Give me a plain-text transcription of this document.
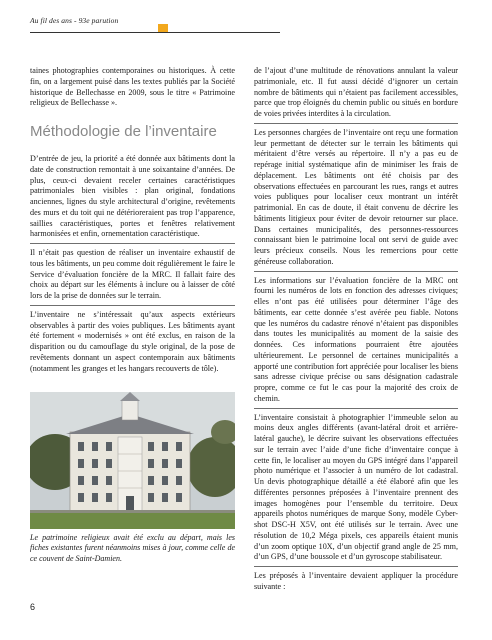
Au fil des ans - 93e parution

taines photographies contemporaines ou historiques. À cette fin, on a largement puisé dans les textes publiés par la Société historique de Bellechasse en 2009, sous le titre « Patrimoine religieux de Bellechasse ».

Méthodologie de l’inventaire

D’entrée de jeu, la priorité a été donnée aux bâtiments dont la date de construction remontait à une soixantaine d’années. De plus, ceux-ci devaient receler certaines caractéristiques patrimoniales bien visibles : plan original, fondations anciennes, lignes du style architectural d’origine, revêtements des murs et du toit qui ne détérioreraient pas trop l’apparence, saillies caractéristiques, portes et fenêtres relativement harmonisées et enfin, ornementation caractéristique.

Il n’était pas question de réaliser un inventaire exhaustif de tous les bâtiments, un peu comme doit régulièrement le faire le Service d’évaluation foncière de la MRC. Il fallait faire des choix au départ sur les éléments à inclure ou à laisser de côté lors de la prise de données sur le terrain.

L’inventaire ne s’intéressait qu’aux aspects extérieurs observables à partir des voies publiques. Les bâtiments ayant été fortement « modernisés » ont été exclus, en raison de la disparition ou du camouflage du style original, de la pose de revêtements donnant un aspect contemporain aux bâtiments (notamment les granges et les hangars recouverts de tôle).

Le patrimoine religieux avait été exclu au départ, mais les fiches existantes furent néanmoins mises à jour, comme celle de ce couvent de Saint-Damien.
6

de l’ajout d’une multitude de rénovations annulant la valeur patrimoniale, etc. Il fut aussi décidé d’ignorer un certain nombre de bâtiments qui n’étaient pas facilement accessibles, parce que trop éloignés du chemin public ou situés en bordure de voies privées interdites à la circulation.

Les personnes chargées de l’inventaire ont reçu une formation leur permettant de détecter sur le terrain les bâtiments qui méritaient d’être versés au répertoire. Il n’y a pas eu de repérage initial systématique afin de minimiser les frais de déplacement. Les bâtiments ont été choisis par des observations effectuées en parcourant les rues, rangs et autres voies publiques pour localiser ceux montrant un intérêt patrimonial. En cas de doute, il était convenu de décrire les bâtiments litigieux pour éviter de devoir retourner sur place. Dans certaines municipalités, des personnes-ressources connaissant bien le patrimoine local ont servi de guide avec leurs précieux conseils. Nous les remercions pour cette généreuse collaboration.

Les informations sur l’évaluation foncière de la MRC ont fourni les numéros de lots en fonction des adresses civiques; elles n’ont pas été utilisées pour déterminer l’âge des bâtiments, ear cette donnée s’est avérée peu fiable. Notons que les numéros du cadastre rénové n’étaient pas disponibles dans toutes les municipalités au moment de la saisie des données. Ces informations pourraient être ajoutées ultérieurement. Le personnel de certaines municipalités a apporté une contribution fort appréciée pour localiser les biens sans adresse civique précise ou sans désignation cadastrale propre, comme ce fut le cas pour la majorité des croix de chemin.

L’inventaire consistait à photographier l’immeuble selon au moins deux angles différents (avant-latéral droit et arrière-latéral gauche), le décrire suivant les observations effectuées sur le terrain avec l’aide d’une fiche d’inventaire conçue à cette fin, le localiser au moyen du GPS intégré dans l’appareil photo numérique et l’associer à un numéro de lot cadastral. Un devis photographique détaillé a été élaboré afin que les différentes personnes préposées à l’inventaire prennent des images homogènes pour l’ensemble du territoire. Deux appareils photos numériques de marque Sony, modèle Cyber-shot DSC-H X5V, ont été utilisés sur le terrain. Avec une résolution de 10,2 Méga pixels, ces appareils étaient munis d’un zoom optique 10X, d’un objectif grand angle de 25 mm, d’un GPS, d’une boussole et d’un gyroscope stabilisateur.

Les préposés à l’inventaire devaient appliquer la procédure suivante :
